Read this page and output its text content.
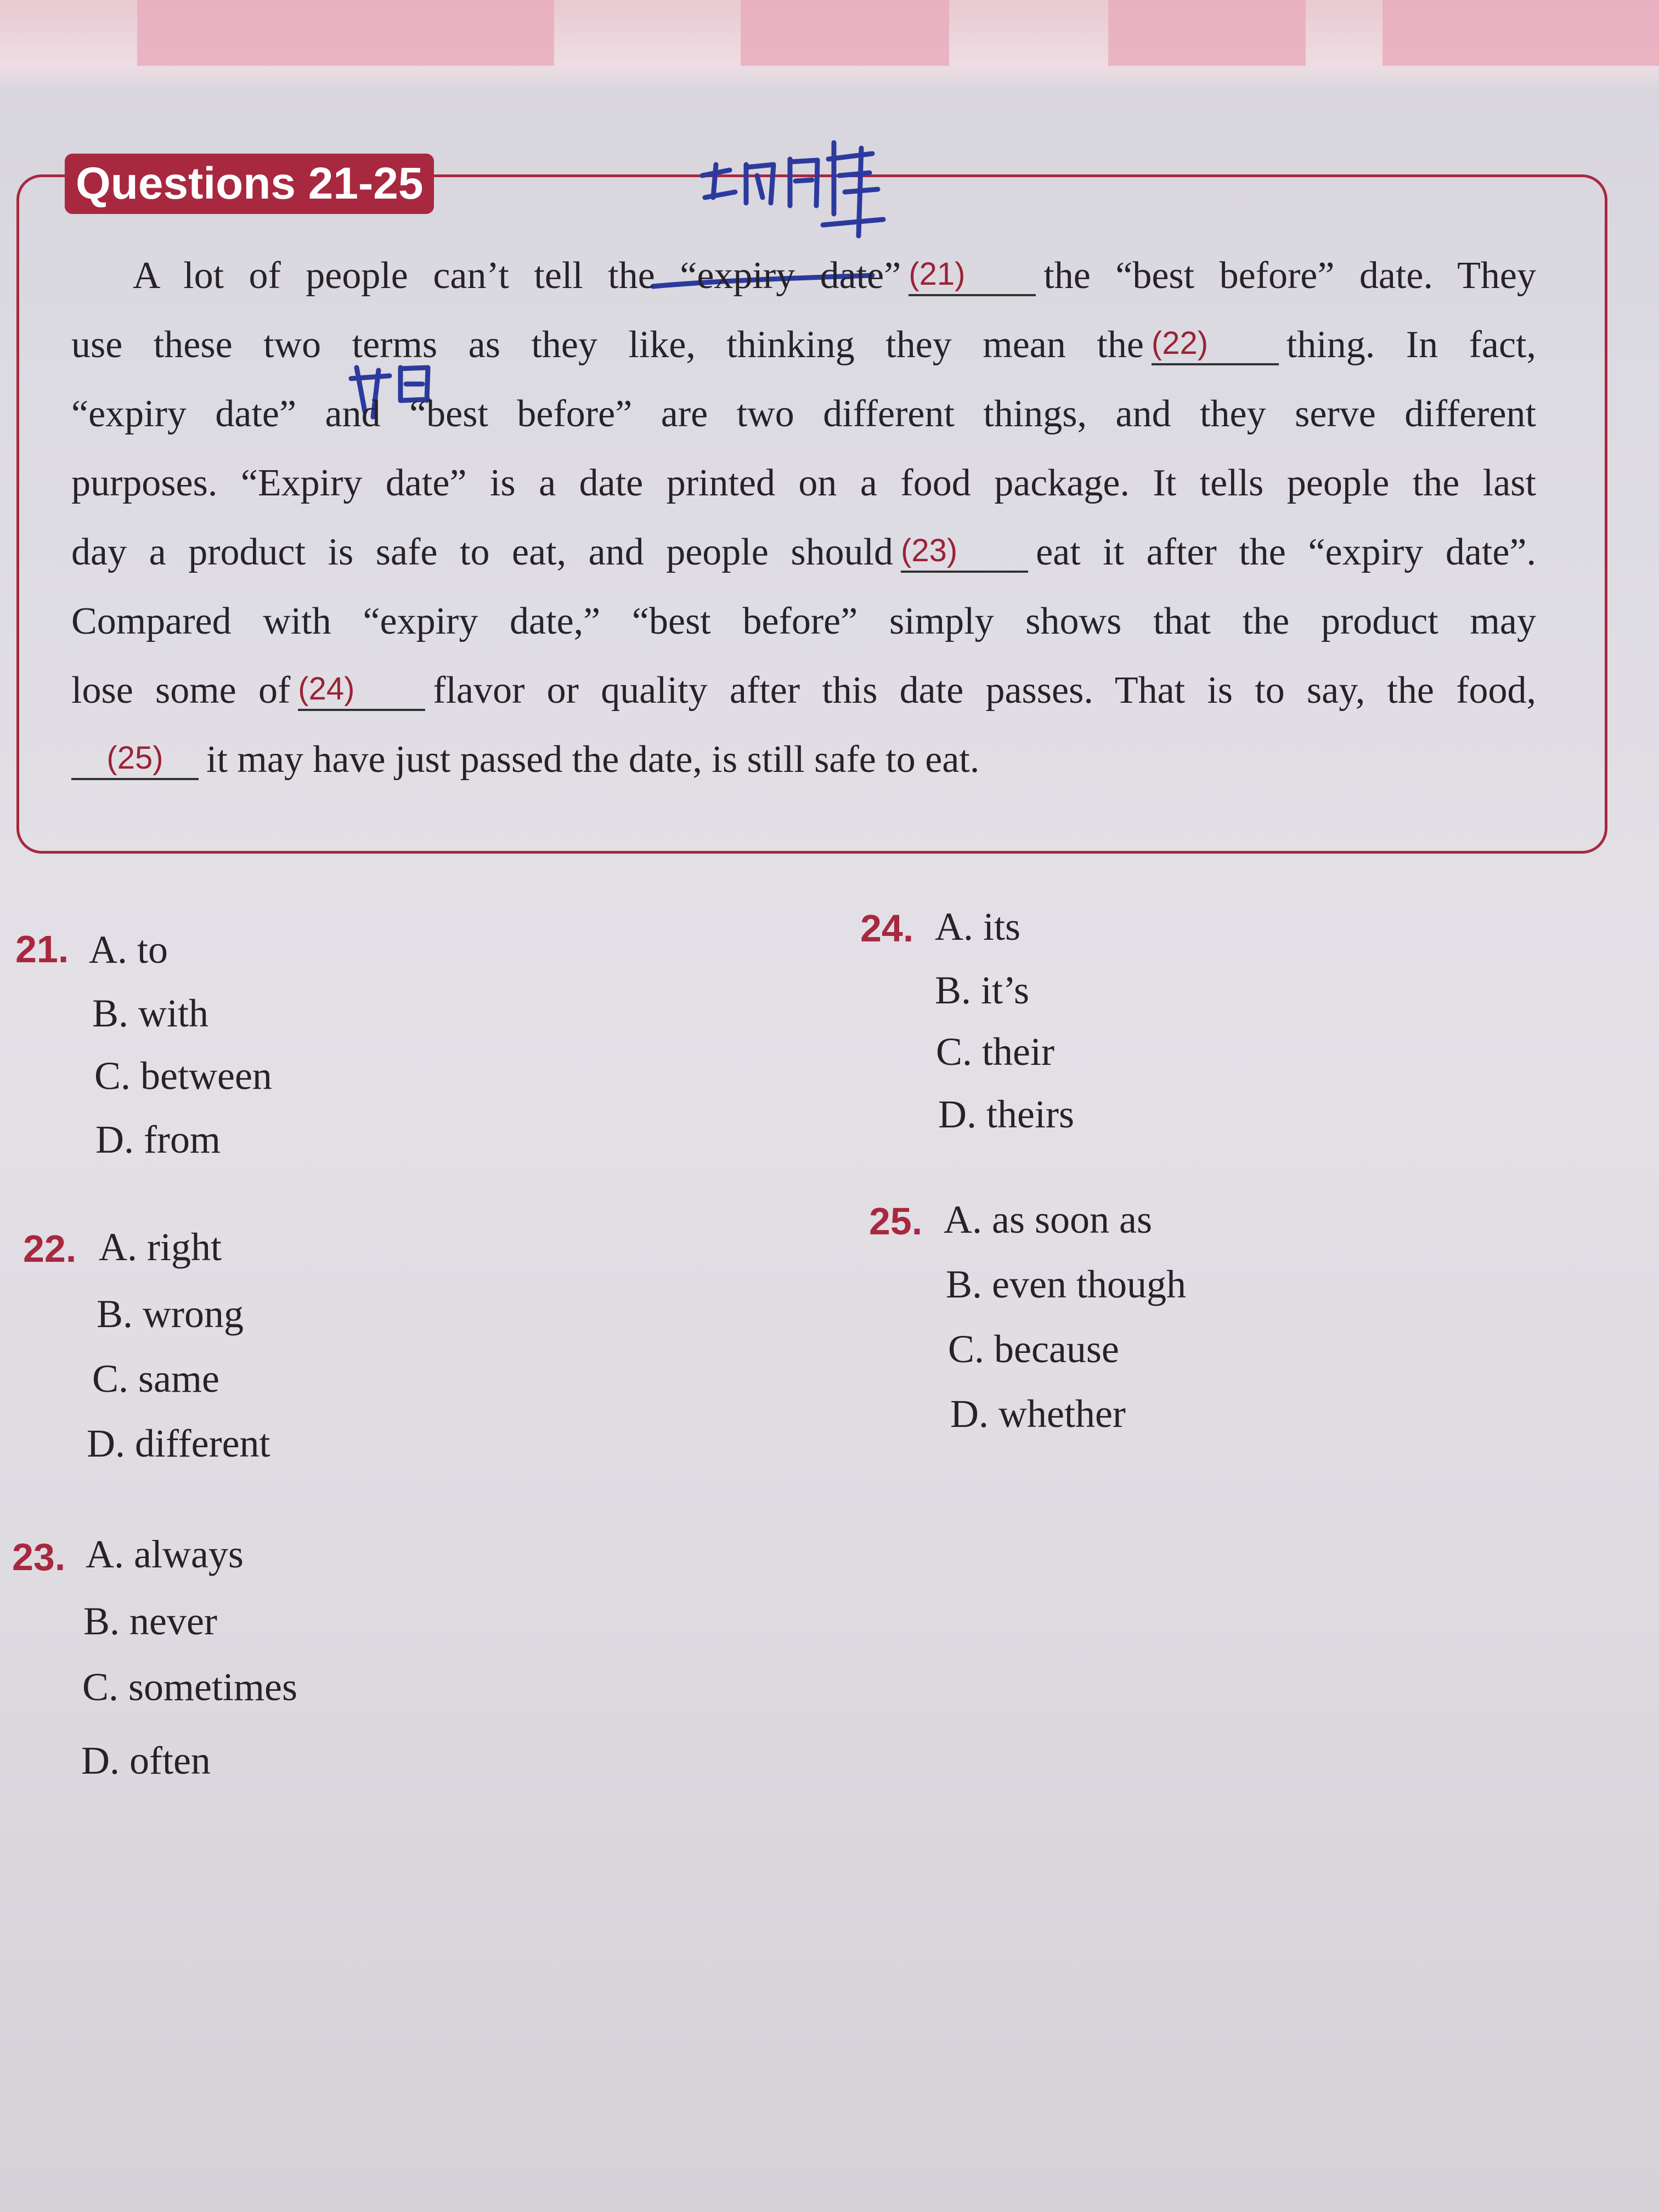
Questions 21-25
A lot of people can’t tell the “expiry date” (21) the “best before” date. They
use these two terms as they like, thinking they mean the (22) thing. In fact,
“expiry date” and “best before” are two different things, and they serve different
purposes. “Expiry date” is a date printed on a food package. It tells people the last
day a product is safe to eat, and people should (23) eat it after the “expiry date”.
Compared with “expiry date,” “best before” simply shows that the product may
lose some of (24) flavor or quality after this date passes. That is to say, the food,
(25) it may have just passed the date, is still safe to eat.
21. A. to
B. with
C. between
D. from
22. A. right
B. wrong
C. same
D. different
23. A. always
B. never
C. sometimes
D. often
24. A. its
B. it’s
C. their
D. theirs
25. A. as soon as
B. even though
C. because
D. whether
